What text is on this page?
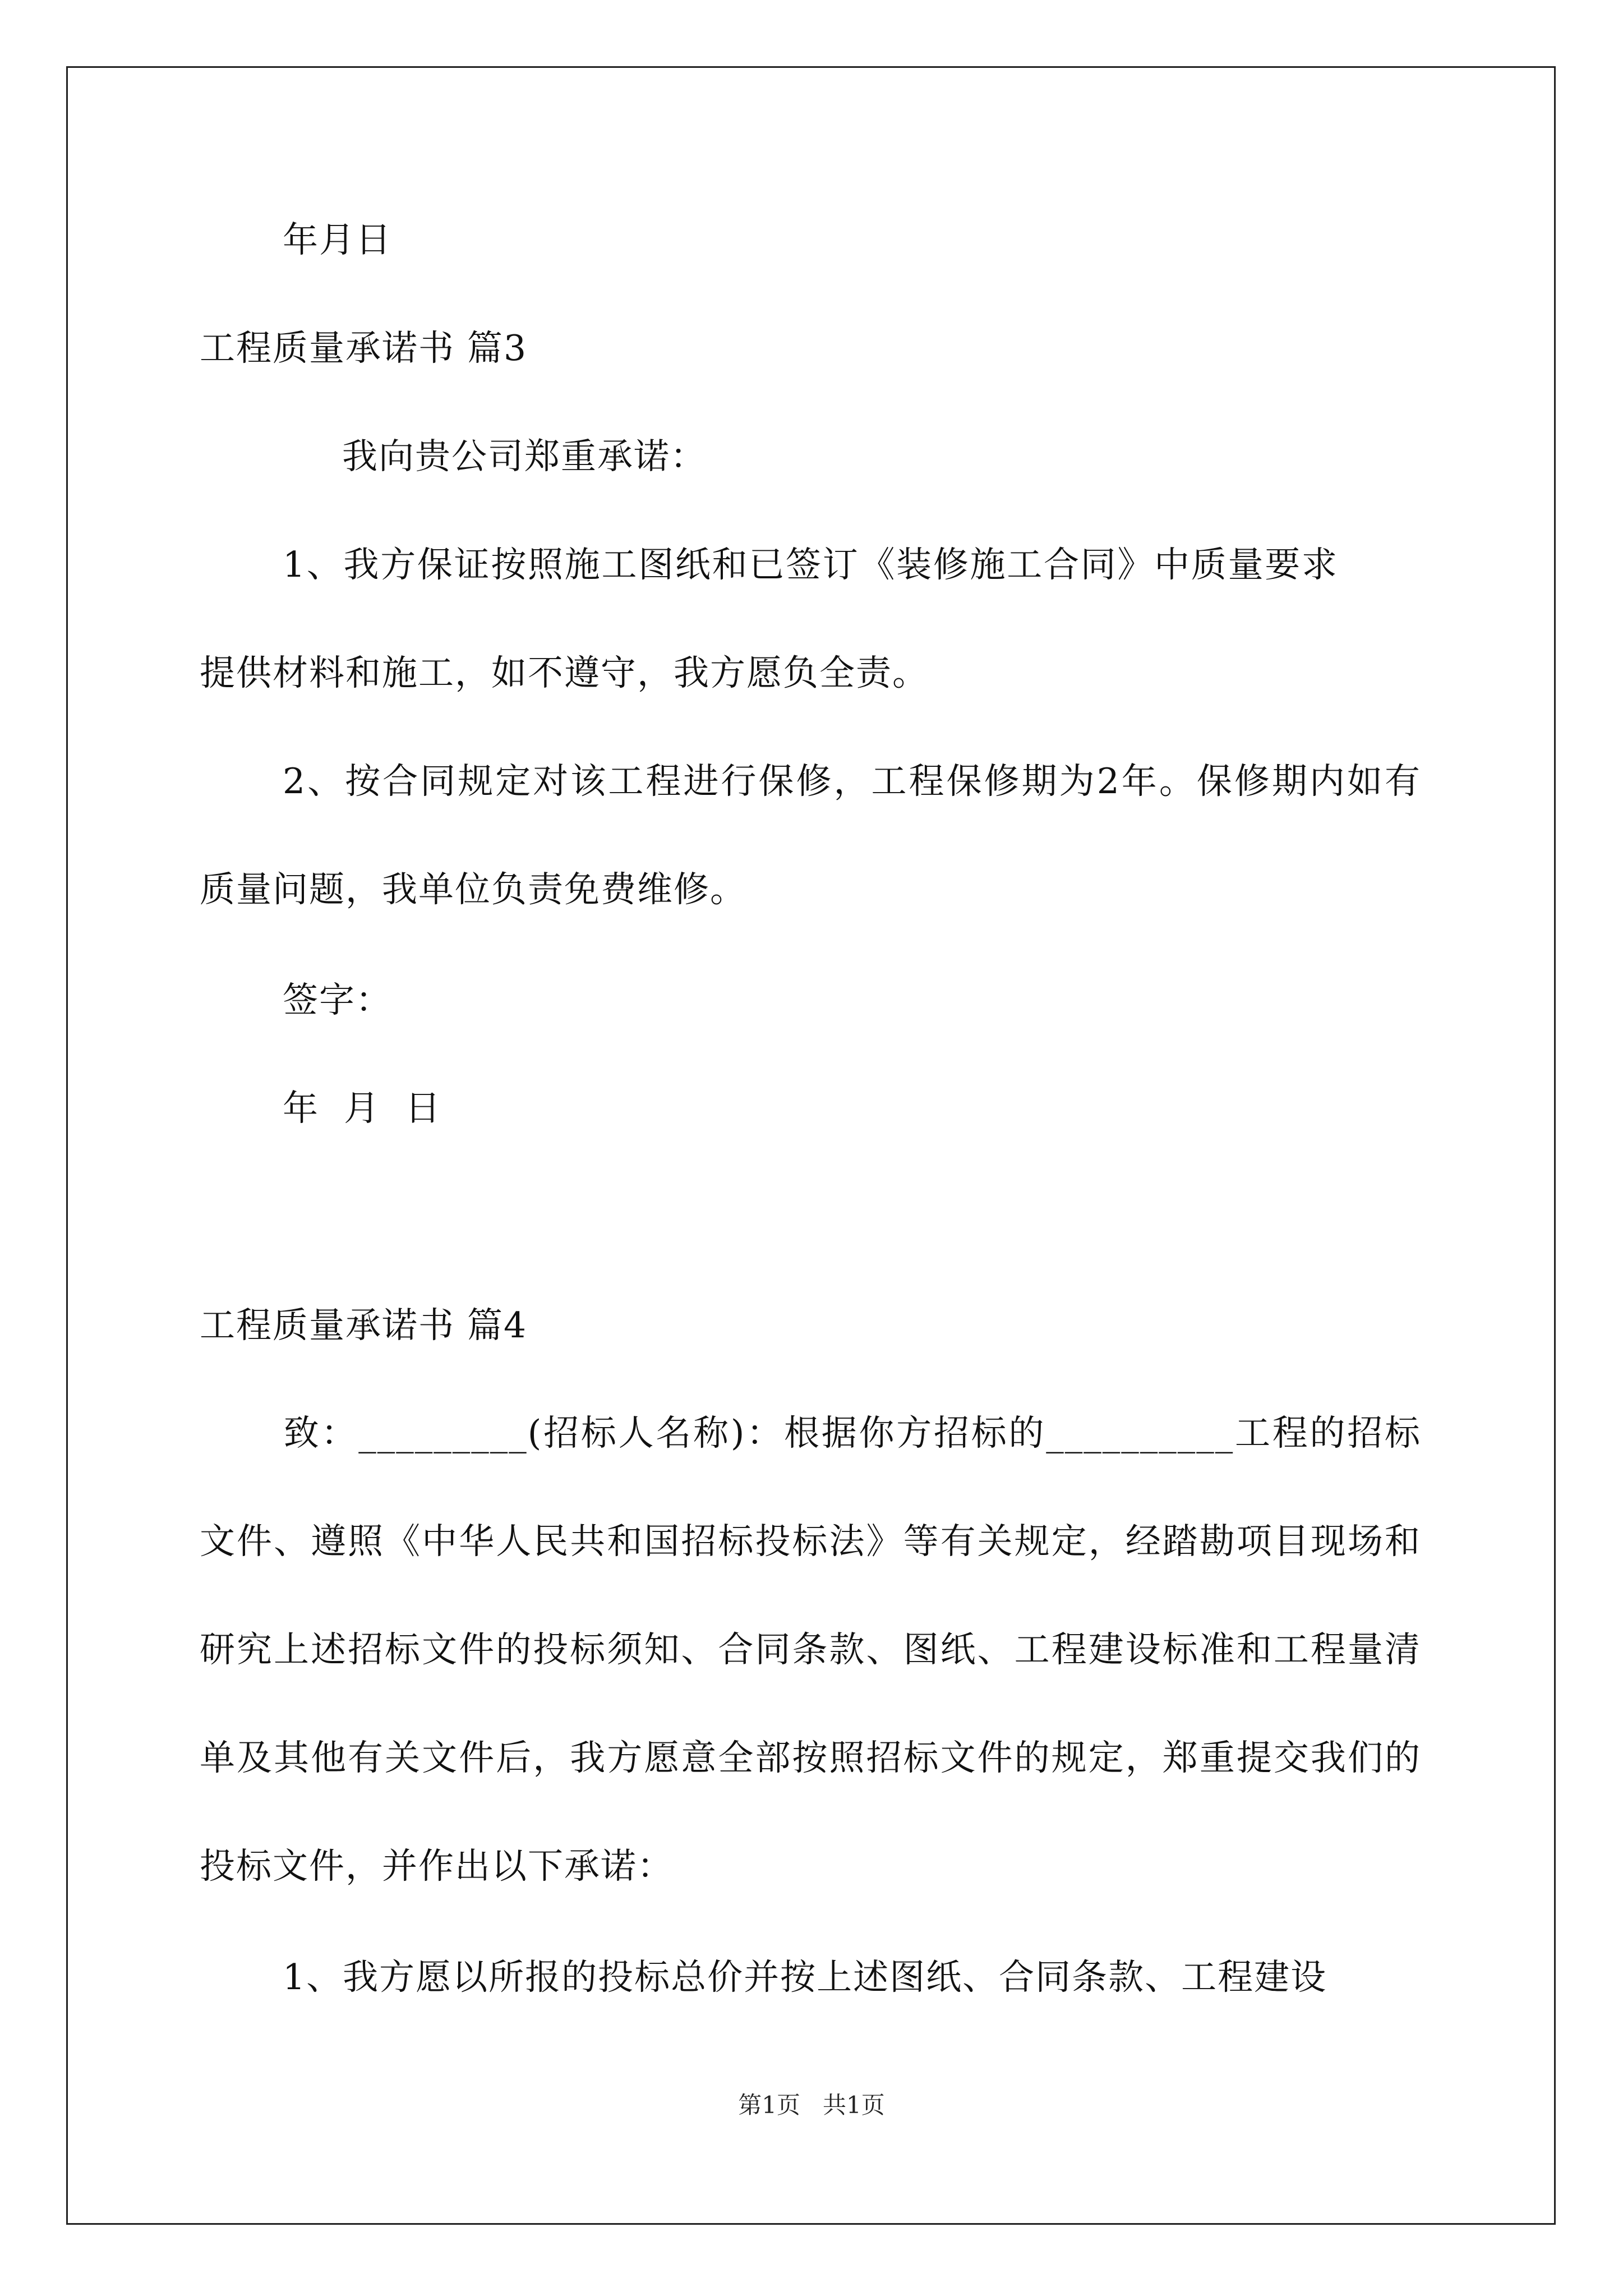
年月日

工程质量承诺书 篇3

我向贵公司郑重承诺：

1、我方保证按照施工图纸和已签订《装修施工合同》中质量要求提供材料和施工，如不遵守，我方愿负全责。

2、按合同规定对该工程进行保修，工程保修期为2年。保修期内如有质量问题，我单位负责免费维修。

签字：

年  月  日

工程质量承诺书 篇4

致：_________(招标人名称)：根据你方招标的__________工程的招标文件、遵照《中华人民共和国招标投标法》等有关规定，经踏勘项目现场和研究上述招标文件的投标须知、合同条款、图纸、工程建设标准和工程量清单及其他有关文件后，我方愿意全部按照招标文件的规定，郑重提交我们的投标文件，并作出以下承诺：

1、我方愿以所报的投标总价并按上述图纸、合同条款、工程建设

第1页   共1页
